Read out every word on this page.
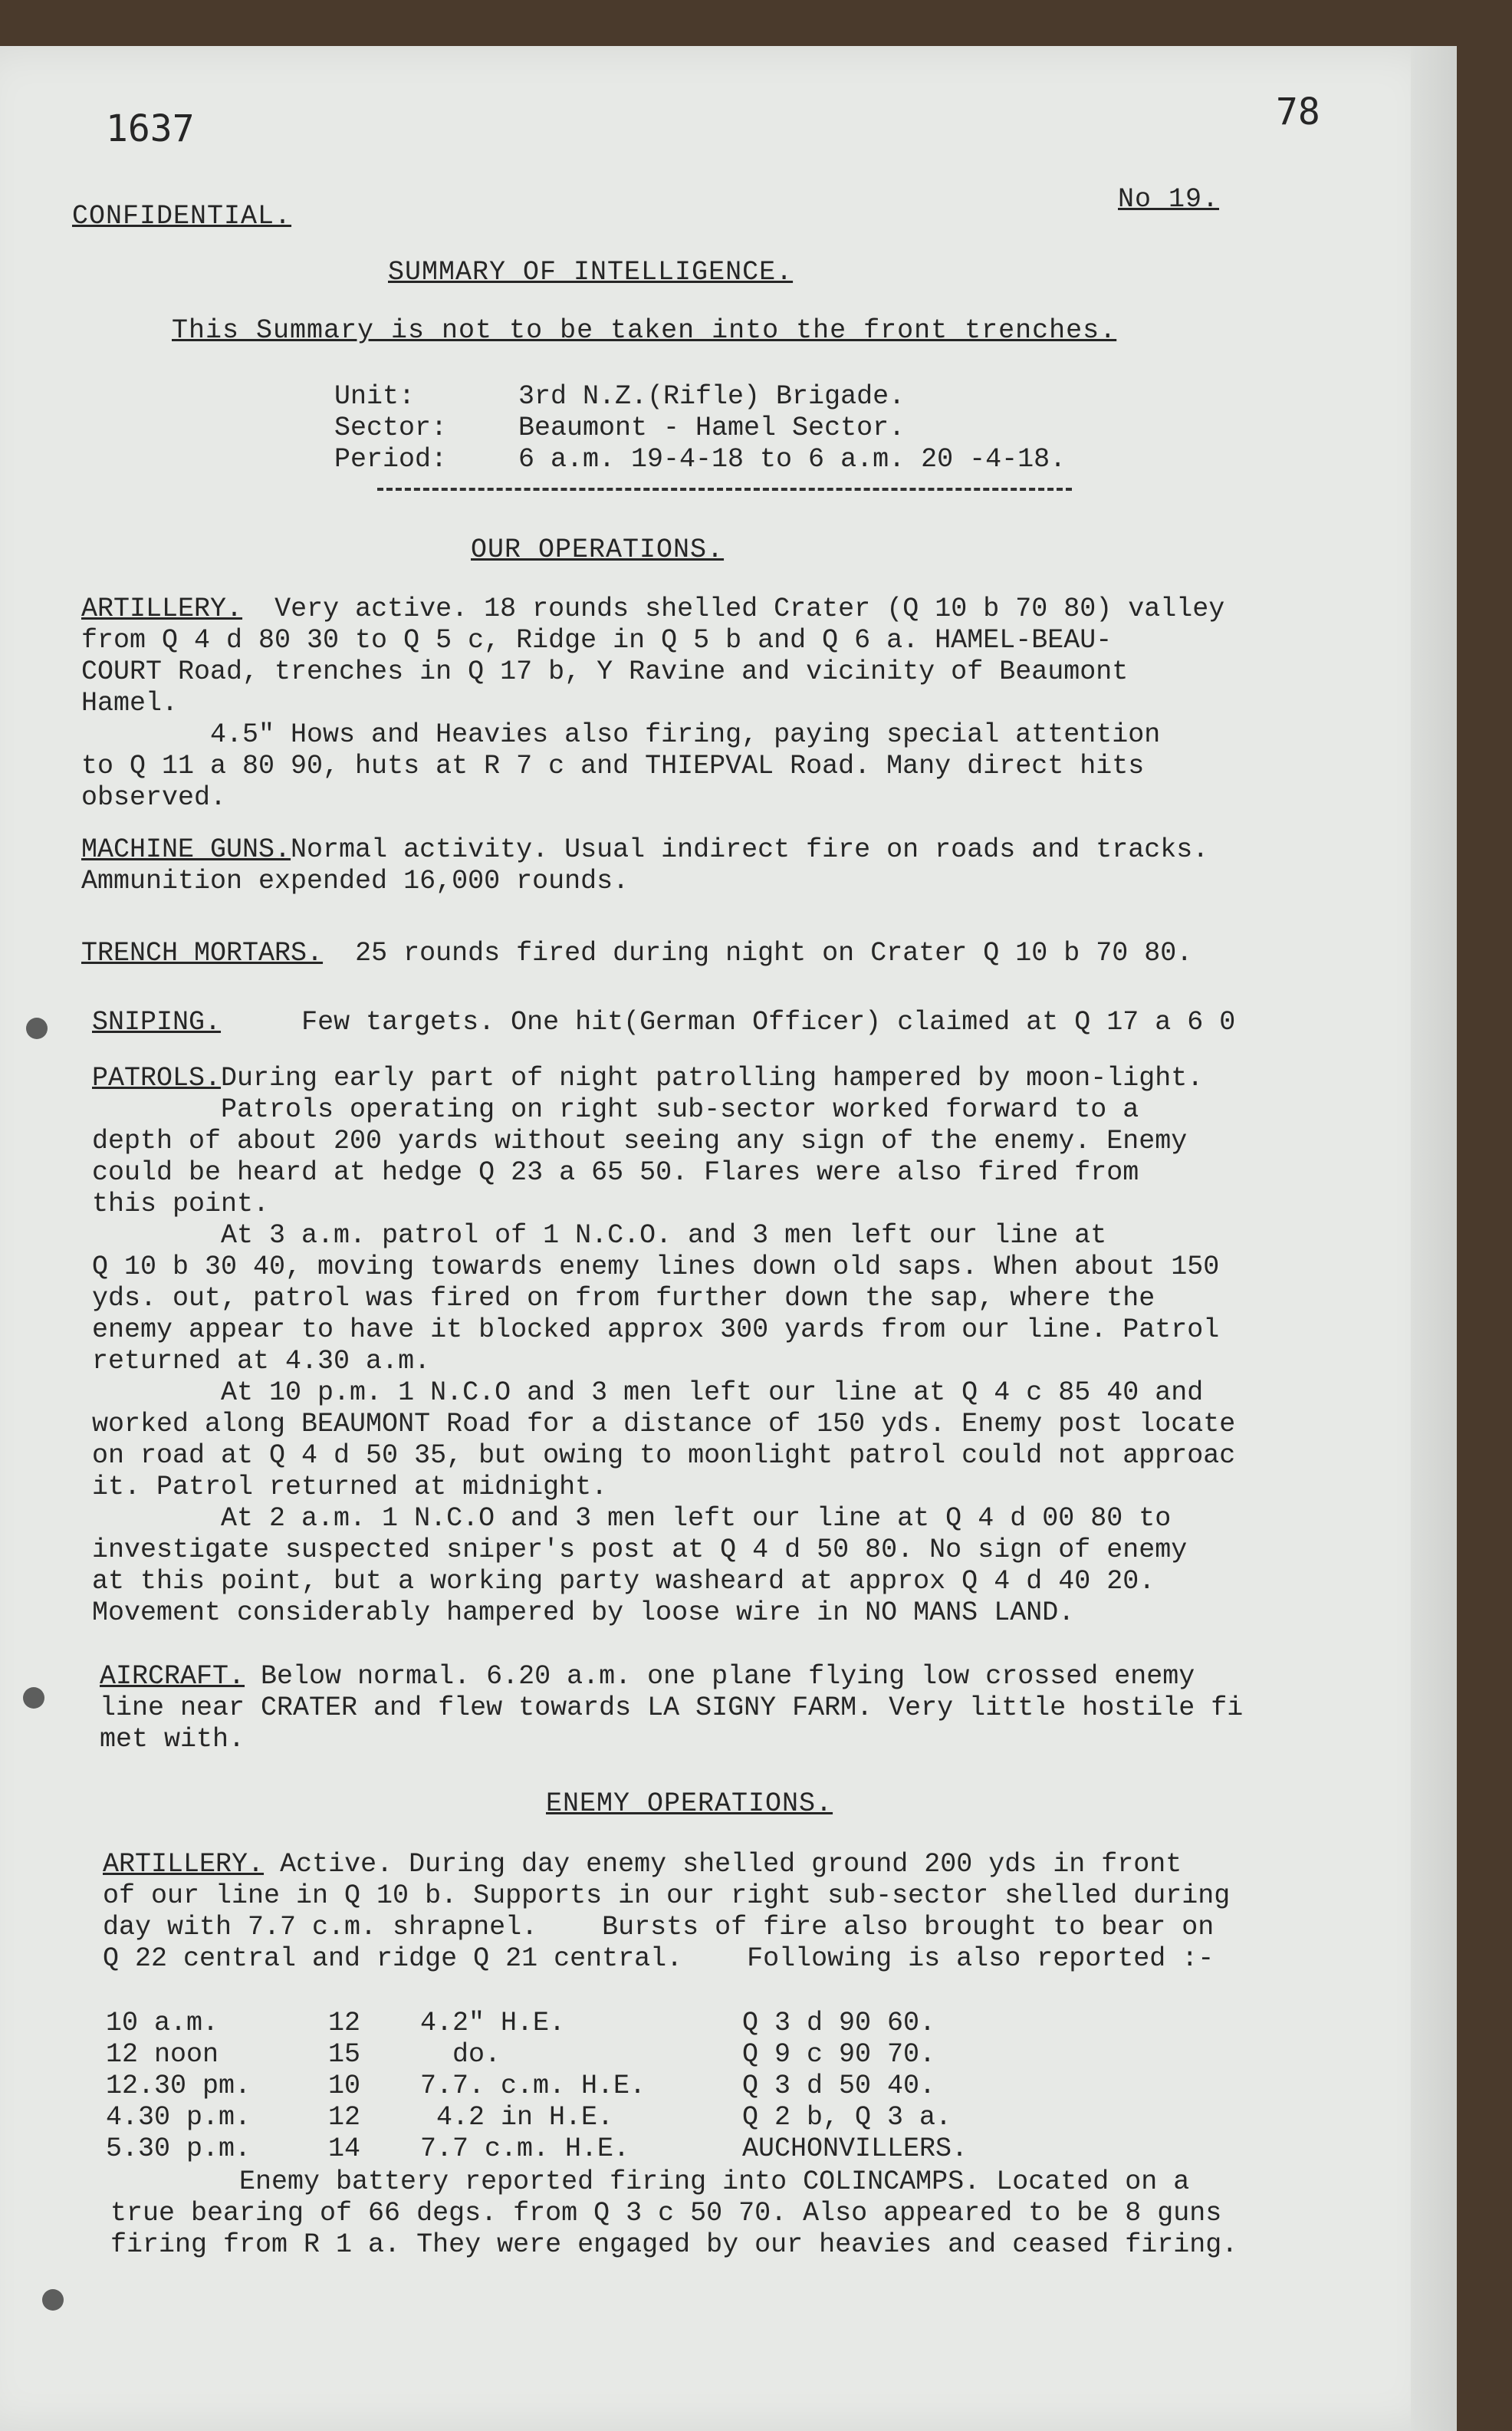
1637	78
CONFIDENTIAL.
No 19.
SUMMARY OF INTELLIGENCE.
This Summary is not to be taken into the front trenches.
Unit:	3rd N.Z.(Rifle) Brigade.
Sector:	Beaumont - Hamel Sector.
Period:	6 a.m. 19-4-18 to 6 a.m. 20 -4-18.
OUR OPERATIONS.
ARTILLERY. Very active. 18 rounds shelled Crater (Q 10 b 70 80) valley
from Q 4 d 80 30 to Q 5 c, Ridge in Q 5 b and Q 6 a. HAMEL-BEAU-
COURT Road, trenches in Q 17 b, Y Ravine and vicinity of Beaumont
Hamel.
4.5" Hows and Heavies also firing, paying special attention
to Q 11 a 80 90, huts at R 7 c and THIEPVAL Road. Many direct hits
observed.
MACHINE GUNS.Normal activity. Usual indirect fire on roads and tracks.
Ammunition expended 16,000 rounds.
TRENCH MORTARS. 25 rounds fired during night on Crater Q 10 b 70 80.
SNIPING.	Few targets. One hit(German Officer) claimed at Q 17 a 6 0
PATROLS.During early part of night patrolling hampered by moon-light.
Patrols operating on right sub-sector worked forward to a
depth of about 200 yards without seeing any sign of the enemy. Enemy
could be heard at hedge Q 23 a 65 50. Flares were also fired from
this point.
At 3 a.m. patrol of 1 N.C.O. and 3 men left our line at
Q 10 b 30 40, moving towards enemy lines down old saps. When about 150
yds. out, patrol was fired on from further down the sap, where the
enemy appear to have it blocked approx 300 yards from our line. Patrol
returned at 4.30 a.m.
At 10 p.m. 1 N.C.O and 3 men left our line at Q 4 c 85 40 and
worked along BEAUMONT Road for a distance of 150 yds. Enemy post locate
on road at Q 4 d 50 35, but owing to moonlight patrol could not approac
it. Patrol returned at midnight.
At 2 a.m. 1 N.C.O and 3 men left our line at Q 4 d 00 80 to
investigate suspected sniper's post at Q 4 d 50 80. No sign of enemy
at this point, but a working party washeard at approx Q 4 d 40 20.
Movement considerably hampered by loose wire in NO MANS LAND.
AIRCRAFT. Below normal. 6.20 a.m. one plane flying low crossed enemy
line near CRATER and flew towards LA SIGNY FARM. Very little hostile fi
met with.
ENEMY OPERATIONS.
ARTILLERY. Active. During day enemy shelled ground 200 yds in front
of our line in Q 10 b. Supports in our right sub-sector shelled during
day with 7.7 c.m. shrapnel.    Bursts of fire also brought to bear on
Q 22 central and ridge Q 21 central.    Following is also reported :-
10 a.m.	12 4.2" H.E.	Q 3 d 90 60.
12 noon	15  do.	Q 9 c 90 70.
12.30 pm.	10 7.7. c.m. H.E.	Q 3 d 50 40.
4.30 p.m.	12 4.2 in H.E.	Q 2 b, Q 3 a.
5.30 p.m.	14 7.7 c.m. H.E.	AUCHONVILLERS.
Enemy battery reported firing into COLINCAMPS. Located on a
true bearing of 66 degs. from Q 3 c 50 70. Also appeared to be 8 guns
firing from R 1 a. They were engaged by our heavies and ceased firing.
